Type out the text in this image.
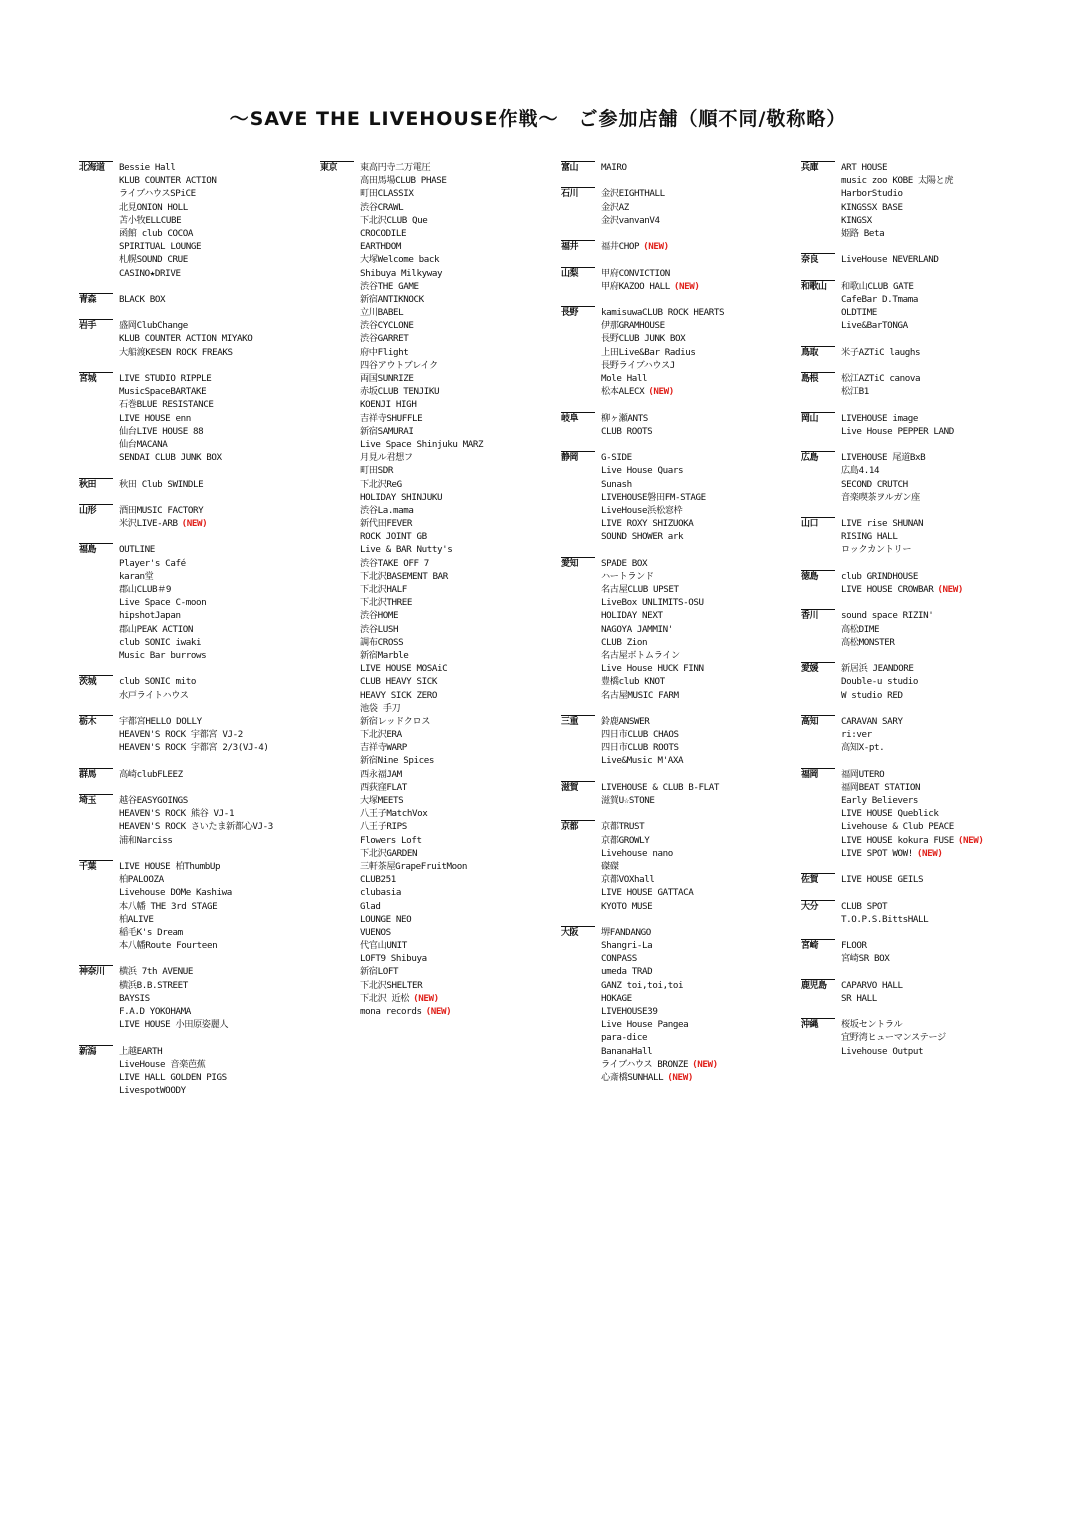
～SAVE THE LIVEHOUSE作戦～　ご参加店舗（順不同/敬称略）
北海道	Bessie Hall
KLUB COUNTER ACTION
ライブハウスSPiCE
北見ONION HOLL
苫小牧ELLCUBE
函館 club COCOA
SPIRITUAL LOUNGE
札幌SOUND CRUE
CASINO★DRIVE
青森	BLACK BOX
岩手	盛岡ClubChange
KLUB COUNTER ACTION MIYAKO
大船渡KESEN ROCK FREAKS
宮城	LIVE STUDIO RIPPLE
MusicSpaceBARTAKE
石巻BLUE RESISTANCE
LIVE HOUSE enn
仙台LIVE HOUSE 88
仙台MACANA
SENDAI CLUB JUNK BOX
秋田	秋田 Club SWINDLE
山形	酒田MUSIC FACTORY
米沢LIVE-ARB (NEW)
福島	OUTLINE
Player's Café
karan堂
郡山CLUB＃9
Live Space C-moon
hipshotJapan
郡山PEAK ACTION
club SONIC iwaki
Music Bar burrows
茨城	club SONIC mito
水戸ライトハウス
栃木	宇都宮HELLO DOLLY
HEAVEN'S ROCK 宇都宮 VJ-2
HEAVEN'S ROCK 宇都宮 2/3(VJ-4)
群馬	高崎clubFLEEZ
埼玉	越谷EASYGOINGS
HEAVEN'S ROCK 熊谷 VJ-1
HEAVEN'S ROCK さいたま新都心VJ-3
浦和Narciss
千葉	LIVE HOUSE 柏ThumbUp
柏PALOOZA
Livehouse DOMe Kashiwa
本八幡 THE 3rd STAGE
柏ALIVE
稲毛K's Dream
本八幡Route Fourteen
神奈川	横浜 7th AVENUE
横浜B.B.STREET
BAYSIS
F.A.D YOKOHAMA
LIVE HOUSE 小田原姿麗人
新潟	上越EARTH
LiveHouse 音楽芭蕉
LIVE HALL GOLDEN PIGS
LivespotWOODY
東京	東高円寺二万電圧
高田馬場CLUB PHASE
町田CLASSIX
渋谷CRAWL
下北沢CLUB Que
CROCODILE
EARTHDOM
大塚Welcome back
Shibuya Milkyway
渋谷THE GAME
新宿ANTIKNOCK
立川BABEL
渋谷CYCLONE
渋谷GARRET
府中Flight
四谷アウトブレイク
両国SUNRIZE
赤坂CLUB TENJIKU
KOENJI HIGH
吉祥寺SHUFFLE
新宿SAMURAI
Live Space Shinjuku MARZ
月見ル君想フ
町田SDR
下北沢ReG
HOLIDAY SHINJUKU
渋谷La.mama
新代田FEVER
ROCK JOINT GB
Live & BAR Nutty's
渋谷TAKE OFF 7
下北沢BASEMENT BAR
下北沢HALF
下北沢THREE
渋谷HOME
渋谷LUSH
調布CROSS
新宿Marble
LIVE HOUSE MOSAiC
CLUB HEAVY SICK
HEAVY SICK ZERO
池袋 手刀
新宿レッドクロス
下北沢ERA
吉祥寺WARP
新宿Nine Spices
西永福JAM
西荻窪FLAT
大塚MEETS
八王子MatchVox
八王子RIPS
Flowers Loft
下北沢GARDEN
三軒茶屋GrapeFruitMoon
CLUB251
clubasia
Glad
LOUNGE NEO
VUENOS
代官山UNIT
LOFT9 Shibuya
新宿LOFT
下北沢SHELTER
下北沢 近松 (NEW)
mona records (NEW)
富山	MAIRO
石川	金沢EIGHTHALL
金沢AZ
金沢vanvanV4
福井	福井CHOP (NEW)
山梨	甲府CONVICTION
甲府KAZOO HALL (NEW)
長野	kamisuwaCLUB ROCK HEARTS
伊那GRAMHOUSE
長野CLUB JUNK BOX
上田Live&Bar Radius
長野ライブハウスJ
Mole Hall
松本ALECX (NEW)
岐阜	柳ヶ瀬ANTS
CLUB ROOTS
静岡	G-SIDE
Live House Quars
Sunash
LIVEHOUSE磐田FM-STAGE
LiveHouse浜松窓枠
LIVE ROXY SHIZUOKA
SOUND SHOWER ark
愛知	SPADE BOX
ハートランド
名古屋CLUB UPSET
LiveBox UNLIMITS-OSU
HOLIDAY NEXT
NAGOYA JAMMIN'
CLUB Zion
名古屋ボトムライン
Live House HUCK FINN
豊橋club KNOT
名古屋MUSIC FARM
三重	鈴鹿ANSWER
四日市CLUB CHAOS
四日市CLUB ROOTS
Live&Music M'AXA
滋賀	LIVEHOUSE & CLUB B-FLAT
滋賀U☆STONE
京都	京都TRUST
京都GROWLY
Livehouse nano
磔磔
京都VOXhall
LIVE HOUSE GATTACA
KYOTO MUSE
大阪	堺FANDANGO
Shangri-La
CONPASS
umeda TRAD
GANZ toi,toi,toi
HOKAGE
LIVEHOUSE39
Live House Pangea
para-dice
BananaHall
ライブハウス BRONZE (NEW)
心斎橋SUNHALL (NEW)
兵庫	ART HOUSE
music zoo KOBE 太陽と虎
HarborStudio
KINGSSX BASE
KINGSX
姫路 Beta
奈良	LiveHouse NEVERLAND
和歌山	和歌山CLUB GATE
CafeBar D.Tmama
OLDTIME
Live&BarTONGA
鳥取	米子AZTiC laughs
島根	松江AZTiC canova
松江B1
岡山	LIVEHOUSE image
Live House PEPPER LAND
広島	LIVEHOUSE 尾道BxB
広島4.14
SECOND CRUTCH
音楽喫茶ヲルガン座
山口	LIVE rise SHUNAN
RISING HALL
ロックカントリー
徳島	club GRINDHOUSE
LIVE HOUSE CROWBAR (NEW)
香川	sound space RIZIN'
高松DIME
高松MONSTER
愛媛	新居浜 JEANDORE
Double-u studio
W studio RED
高知	CARAVAN SARY
ri:ver
高知X-pt.
福岡	福岡UTERO
福岡BEAT STATION
Early Believers
LIVE HOUSE Queblick
Livehouse & Club PEACE
LIVE HOUSE kokura FUSE (NEW)
LIVE SPOT WOW! (NEW)
佐賀	LIVE HOUSE GEILS
大分	CLUB SPOT
T.O.P.S.BittsHALL
宮崎	FLOOR
宮崎SR BOX
鹿児島	CAPARVO HALL
SR HALL
沖縄	桜坂セントラル
宜野湾ヒューマンステージ
Livehouse Output
